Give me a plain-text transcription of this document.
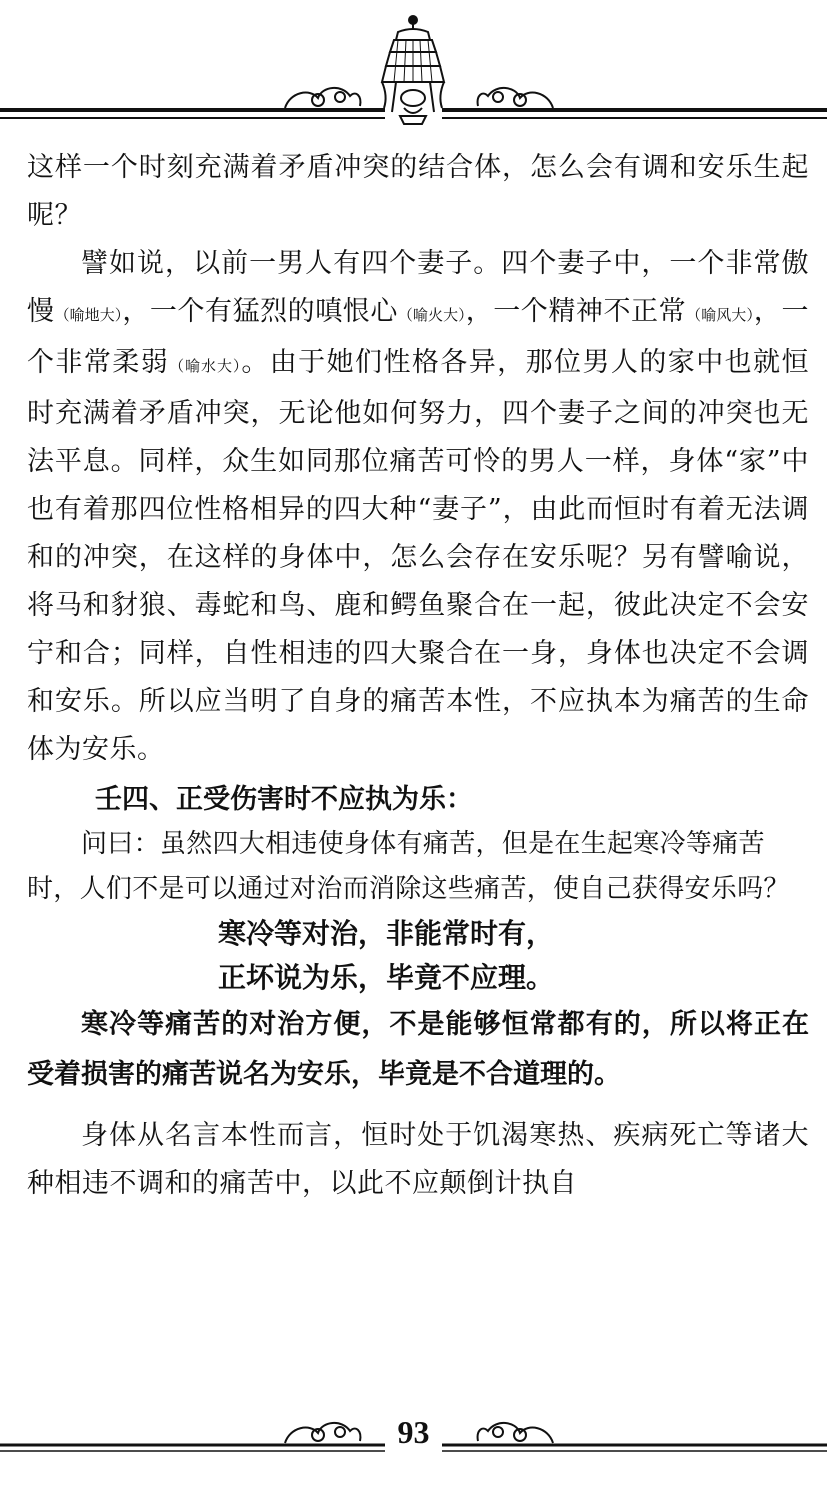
这样一个时刻充满着矛盾冲突的结合体，怎么会有调和安乐生起呢？

譬如说，以前一男人有四个妻子。四个妻子中，一个非常傲慢（喻地大），一个有猛烈的嗔恨心（喻火大），一个精神不正常（喻风大），一个非常柔弱（喻水大）。由于她们性格各异，那位男人的家中也就恒时充满着矛盾冲突，无论他如何努力，四个妻子之间的冲突也无法平息。同样，众生如同那位痛苦可怜的男人一样，身体“家”中也有着那四位性格相异的四大种“妻子”，由此而恒时有着无法调和的冲突，在这样的身体中，怎么会存在安乐呢？另有譬喻说，将马和豺狼、毒蛇和鸟、鹿和鳄鱼聚合在一起，彼此决定不会安宁和合；同样，自性相违的四大聚合在一身，身体也决定不会调和安乐。所以应当明了自身的痛苦本性，不应执本为痛苦的生命体为安乐。

壬四、正受伤害时不应执为乐：

问曰：虽然四大相违使身体有痛苦，但是在生起寒冷等痛苦时，人们不是可以通过对治而消除这些痛苦，使自己获得安乐吗？

寒冷等对治，非能常时有，

正坏说为乐，毕竟不应理。

寒冷等痛苦的对治方便，不是能够恒常都有的，所以将正在受着损害的痛苦说名为安乐，毕竟是不合道理的。

身体从名言本性而言，恒时处于饥渴寒热、疾病死亡等诸大种相违不调和的痛苦中，以此不应颠倒计执自

93
